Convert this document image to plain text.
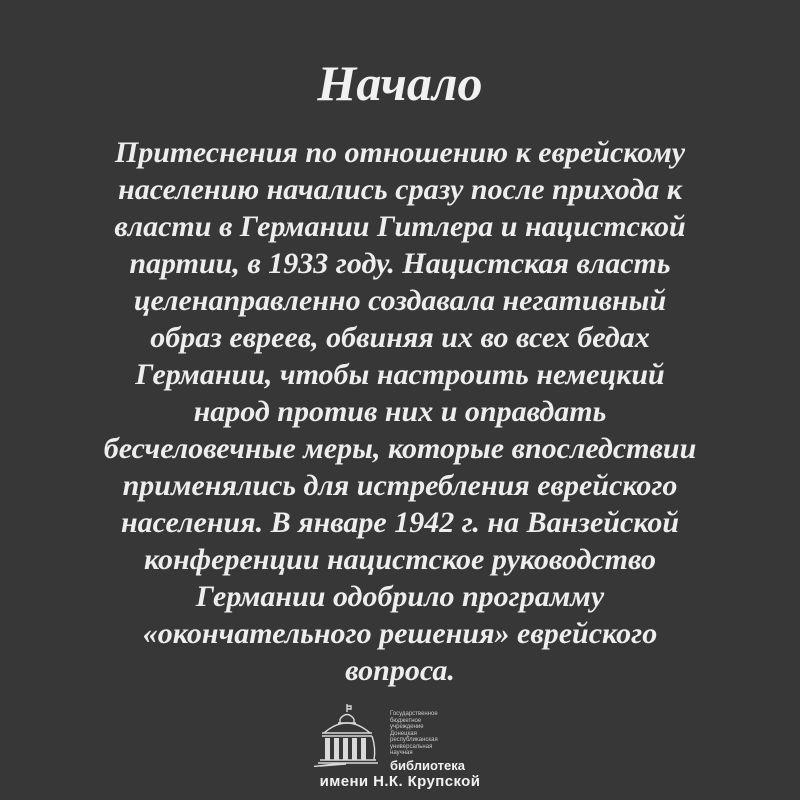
Начало
Притеснения по отношению к еврейскому
населению начались сразу после прихода к
власти в Германии Гитлера и нацистской
партии, в 1933 году. Нацистская власть
целенаправленно создавала негативный
образ евреев, обвиняя их во всех бедах
Германии, чтобы настроить немецкий
народ против них и оправдать
бесчеловечные меры, которые впоследствии
применялись для истребления еврейского
населения. В январе 1942 г. на Ванзейской
конференции нацистское руководство
Германии одобрило программу
«окончательного решения» еврейского
вопроса.
Государственное
бюджетное
учреждение
Донецкая
республиканская
универсальная
научная
библиотека
имени Н.К. Крупской
